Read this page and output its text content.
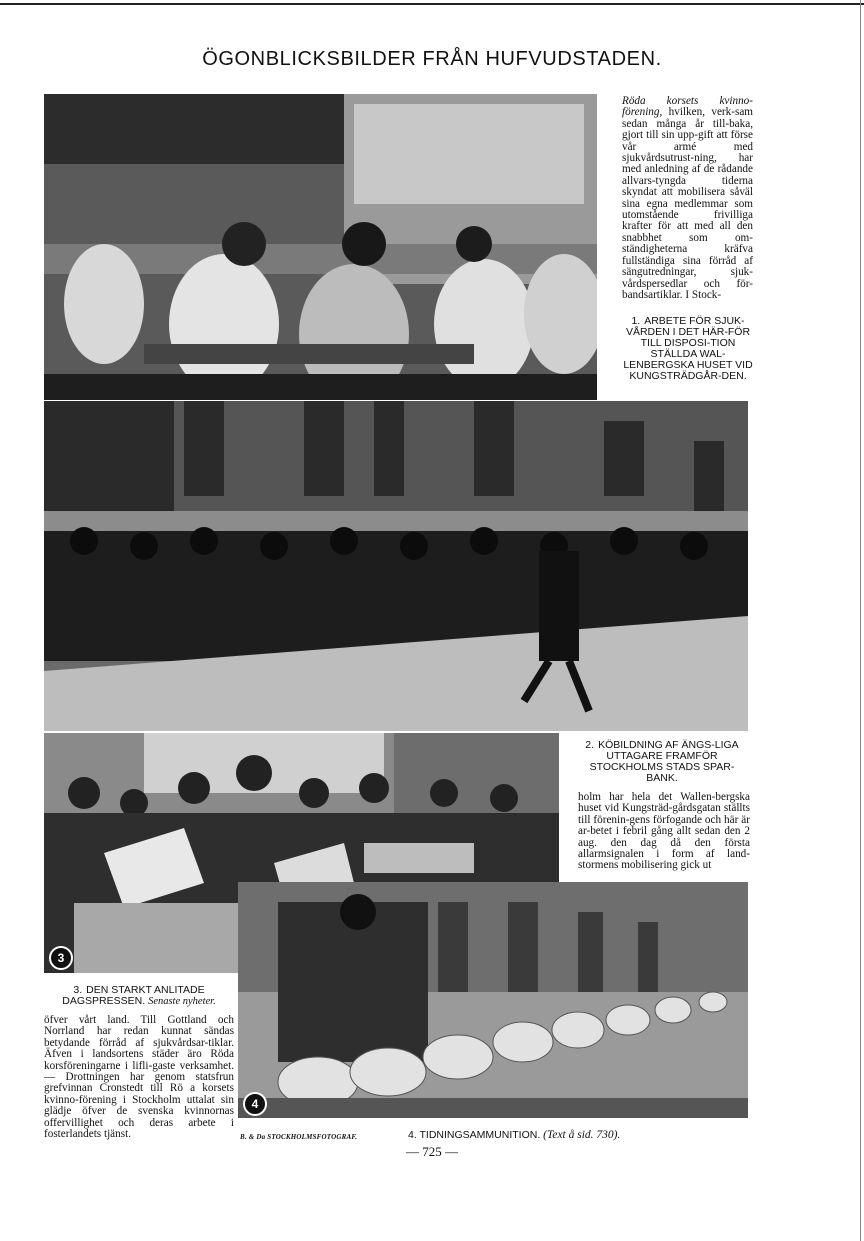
ÖGONBLICKSBILDER FRÅN HUFVUDSTADEN.

Röda korsets kvinno-förening, hvilken, verk-sam sedan många år till-baka, gjort till sin upp-gift att förse vår armé med sjukvårdsutrust-ning, har med anledning af de rådande allvars-tyngda tiderna skyndat att mobilisera såväl sina egna medlemmar som utomstående frivilliga krafter för att med all den snabbhet som om-ständigheterna kräfva fullständiga sina förråd af sängutredningar, sjuk-vårdspersedlar och för-bandsartiklar. I Stock-

1. ARBETE FÖR SJUK-VÅRDEN I DET HÄR-FÖR TILL DISPOSI-TION STÄLLDA WAL-LENBERGSKA HUSET VID KUNGSTRÄDGÅR-DEN.
3
2. KÖBILDNING AF ÄNGS-LIGA UTTAGARE FRAMFÖR STOCKHOLMS STADS SPAR-BANK.

holm har hela det Wallen-bergska huset vid Kungsträd-gårdsgatan ställts till förenin-gens förfogande och här är ar-betet i febril gång allt sedan den 2 aug. den dag då den första allarmsignalen i form af land-stormens mobilisering gick ut

4
3. DEN STARKT ANLITADE DAGSPRESSEN. Senaste nyheter.

öfver vårt land. Till Gottland och Norrland har redan kunnat sändas betydande förråd af sjukvårdsar-tiklar. Äfven i landsortens städer äro Röda korsföreningarne i lifli-gaste verksamhet. — Drottningen har genom statsfrun grefvinnan Cronstedt till Rö a korsets kvinno-förening i Stockholm uttalat sin glädje öfver de svenska kvinnornas offervillighet och deras arbete i fosterlandets tjänst.	B. & Da STOCKHOLMSFOTOGRAF.	4. TIDNINGSAMMUNITION. (Text å sid. 730).
— 725 —
